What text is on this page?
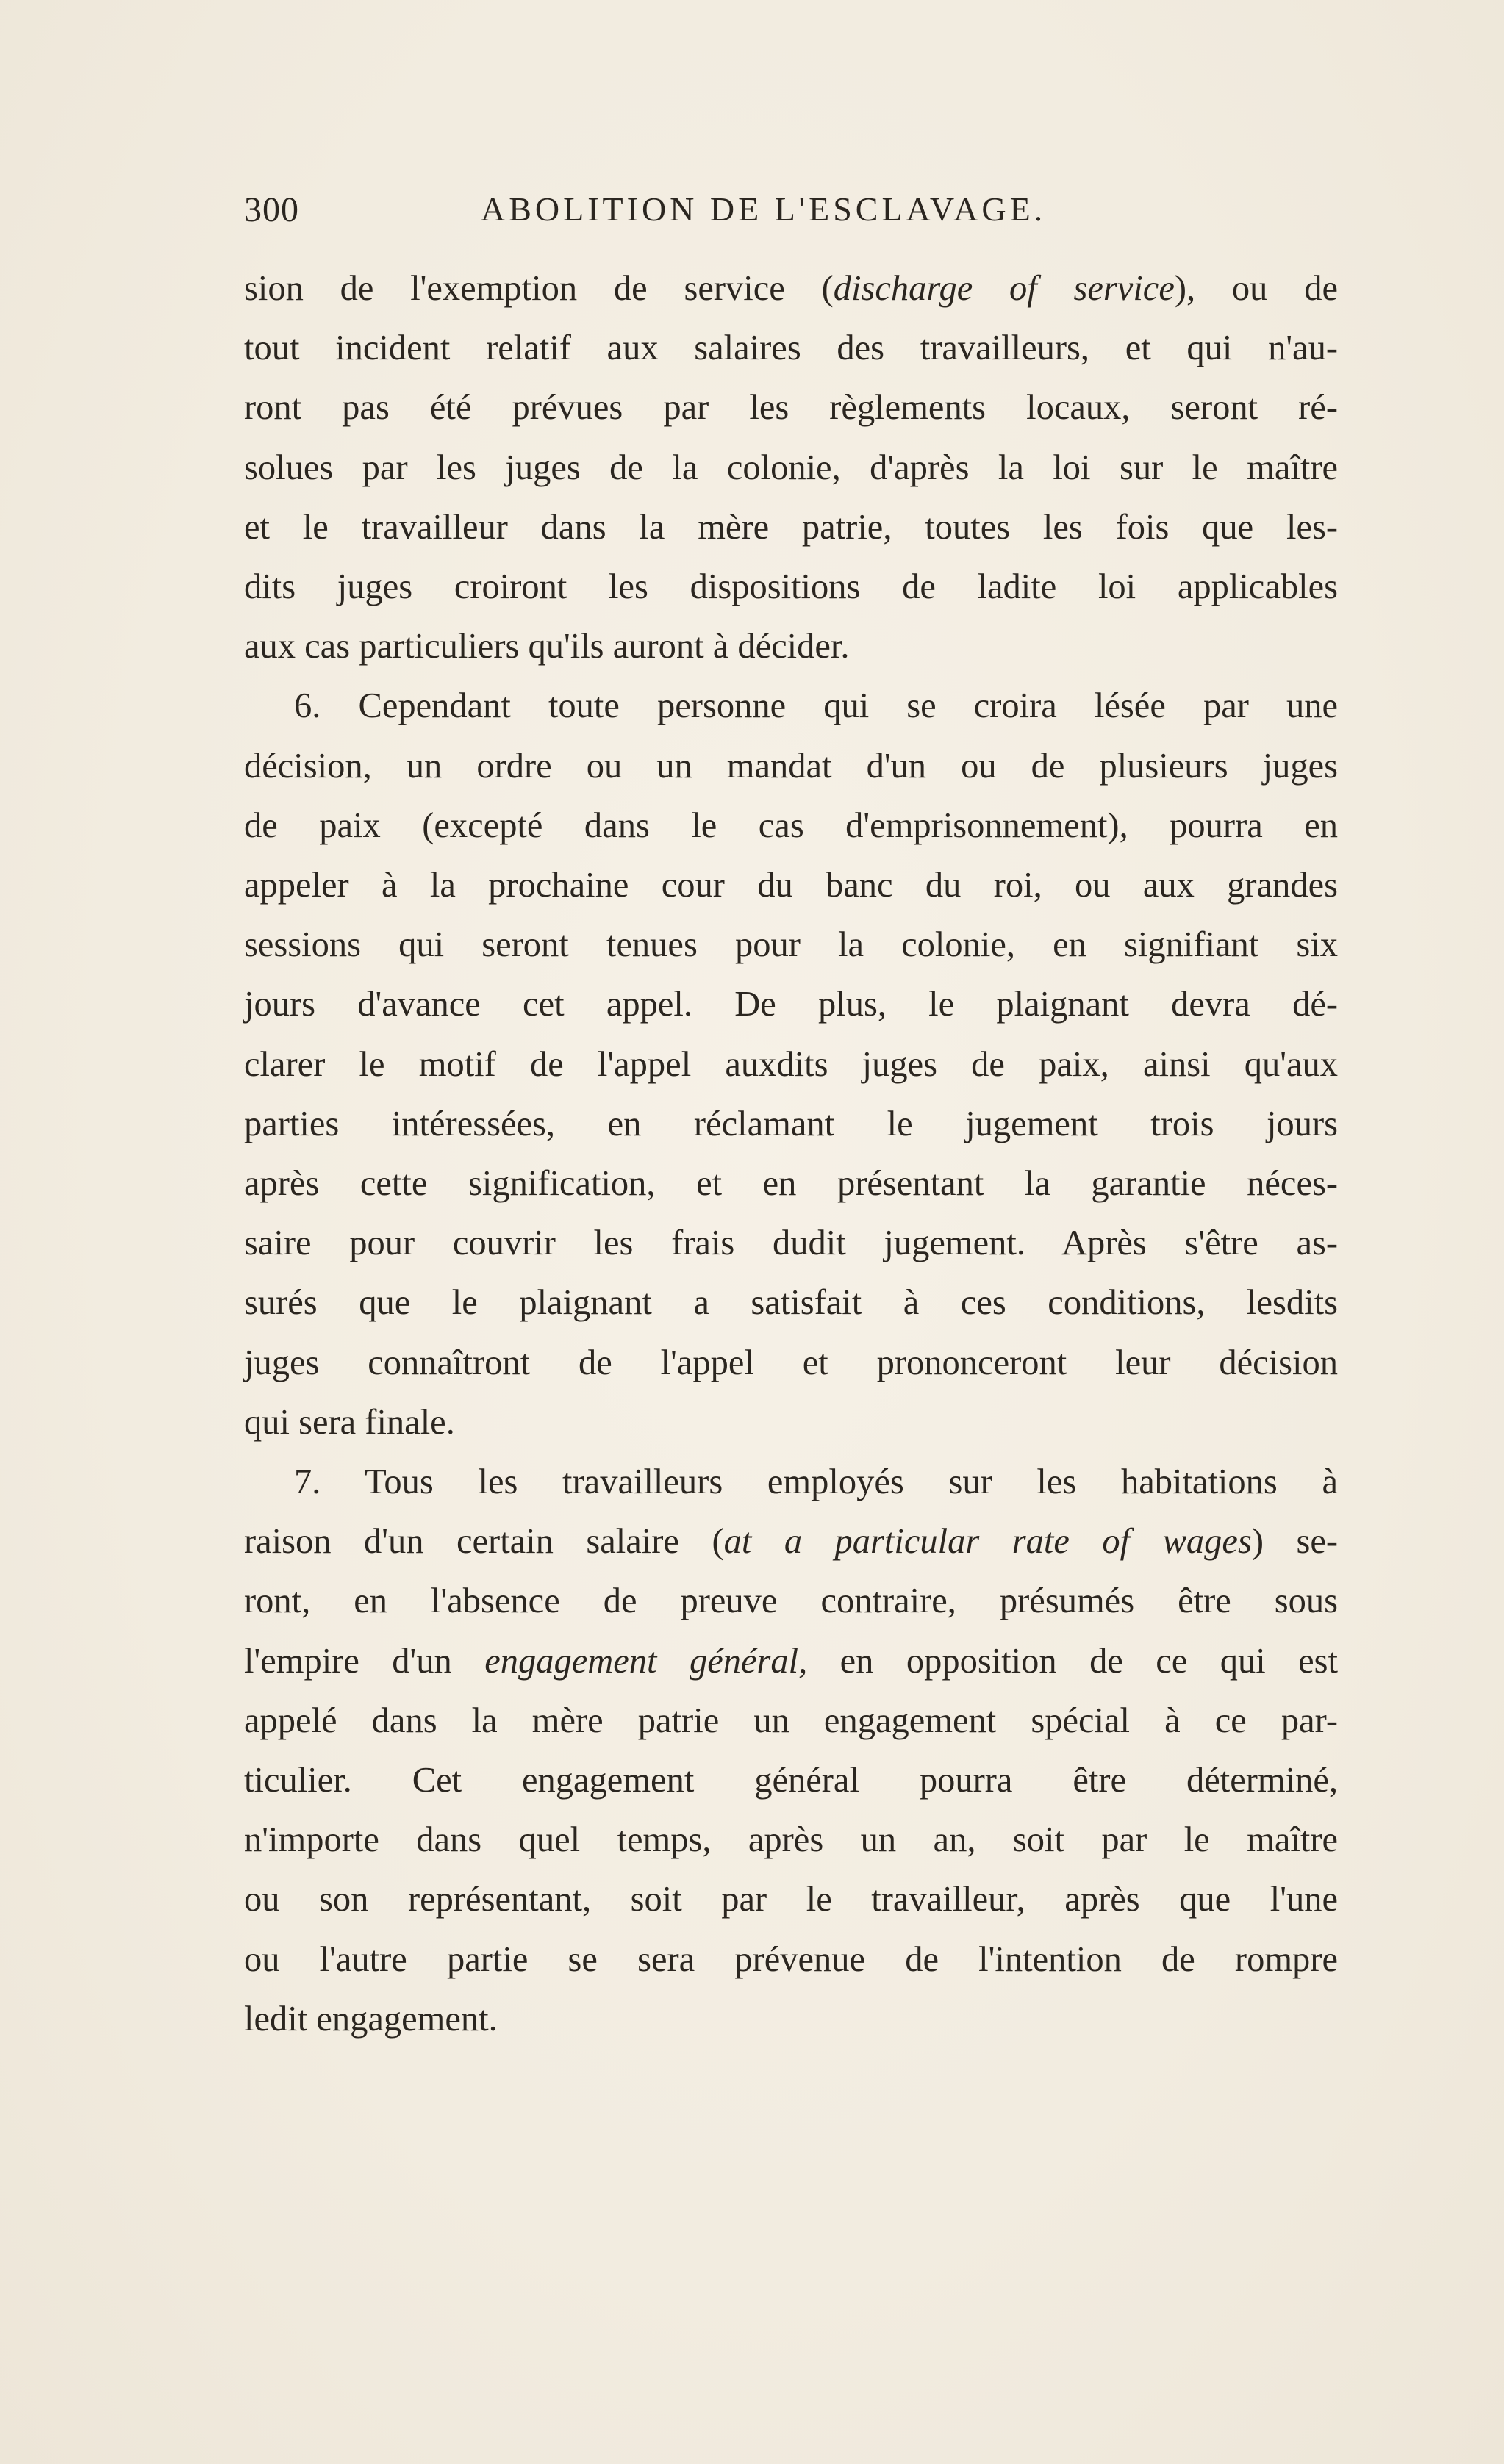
300	ABOLITION DE L'ESCLAVAGE.
sion de l'exemption de service (discharge of service), ou de
tout incident relatif aux salaires des travailleurs, et qui n'au-
ront pas été prévues par les règlements locaux, seront ré-
solues par les juges de la colonie, d'après la loi sur le maître
et le travailleur dans la mère patrie, toutes les fois que les-
dits juges croiront les dispositions de ladite loi applicables
aux cas particuliers qu'ils auront à décider.
6. Cependant toute personne qui se croira lésée par une
décision, un ordre ou un mandat d'un ou de plusieurs juges
de paix (excepté dans le cas d'emprisonnement), pourra en
appeler à la prochaine cour du banc du roi, ou aux grandes
sessions qui seront tenues pour la colonie, en signifiant six
jours d'avance cet appel. De plus, le plaignant devra dé-
clarer le motif de l'appel auxdits juges de paix, ainsi qu'aux
parties intéressées, en réclamant le jugement trois jours
après cette signification, et en présentant la garantie néces-
saire pour couvrir les frais dudit jugement. Après s'être as-
surés que le plaignant a satisfait à ces conditions, lesdits
juges connaîtront de l'appel et prononceront leur décision
qui sera finale.
7. Tous les travailleurs employés sur les habitations à
raison d'un certain salaire (at a particular rate of wages) se-
ront, en l'absence de preuve contraire, présumés être sous
l'empire d'un engagement général, en opposition de ce qui est
appelé dans la mère patrie un engagement spécial à ce par-
ticulier. Cet engagement général pourra être déterminé,
n'importe dans quel temps, après un an, soit par le maître
ou son représentant, soit par le travailleur, après que l'une
ou l'autre partie se sera prévenue de l'intention de rompre
ledit engagement.
